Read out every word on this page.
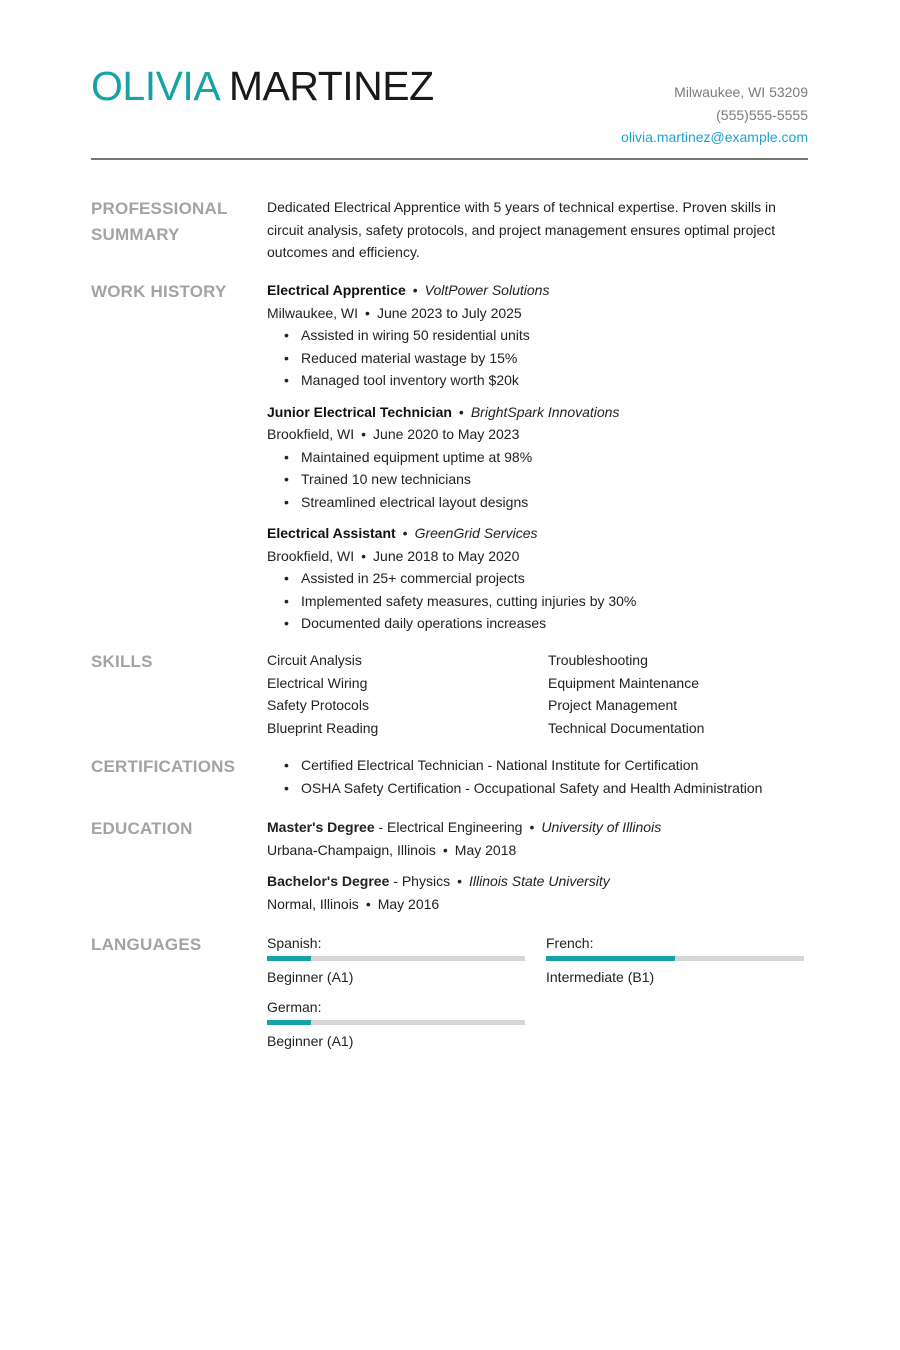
OLIVIA MARTINEZ	Milwaukee, WI 53209
(555)555-5555
olivia.martinez@example.com
PROFESSIONAL SUMMARY
Dedicated Electrical Apprentice with 5 years of technical expertise. Proven skills in circuit analysis, safety protocols, and project management ensures optimal project outcomes and efficiency.
WORK HISTORY	Electrical Apprentice • VoltPower Solutions
Milwaukee, WI • June 2023 to July 2025
• Assisted in wiring 50 residential units
• Reduced material wastage by 15%
• Managed tool inventory worth $20k
Junior Electrical Technician • BrightSpark Innovations
Brookfield, WI • June 2020 to May 2023
• Maintained equipment uptime at 98%
• Trained 10 new technicians
• Streamlined electrical layout designs
Electrical Assistant • GreenGrid Services
Brookfield, WI • June 2018 to May 2020
• Assisted in 25+ commercial projects
• Implemented safety measures, cutting injuries by 30%
• Documented daily operations increases
SKILLS	Circuit Analysis	Troubleshooting
Electrical Wiring	Equipment Maintenance
Safety Protocols	Project Management
Blueprint Reading	Technical Documentation
CERTIFICATIONS	• Certified Electrical Technician - National Institute for Certification
• OSHA Safety Certification - Occupational Safety and Health Administration
EDUCATION	Master's Degree - Electrical Engineering • University of Illinois
Urbana-Champaign, Illinois • May 2018
Bachelor's Degree - Physics • Illinois State University
Normal, Illinois • May 2016
LANGUAGES	Spanish:
Beginner (A1)
French:
Intermediate (B1)
German:
Beginner (A1)
